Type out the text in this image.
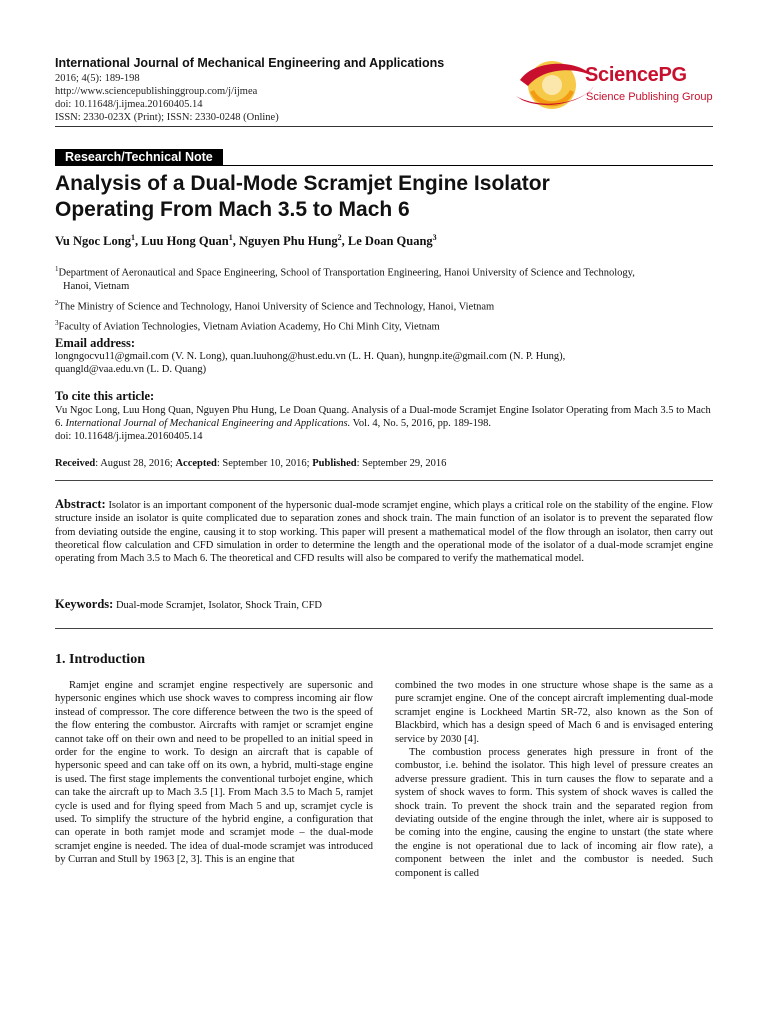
International Journal of Mechanical Engineering and Applications
2016; 4(5): 189-198
http://www.sciencepublishinggroup.com/j/ijmea
doi: 10.11648/j.ijmea.20160405.14
ISSN: 2330-023X (Print); ISSN: 2330-0248 (Online)
SciencePG
Science Publishing Group
Research/Technical Note
Analysis of a Dual-Mode Scramjet Engine Isolator
Operating From Mach 3.5 to Mach 6
Vu Ngoc Long$^1$, Luu Hong Quan$^1$, Nguyen Phu Hung$^2$, Le Doan Quang$^3$
$^1$Department of Aeronautical and Space Engineering, School of Transportation Engineering, Hanoi University of Science and Technology,
Hanoi, Vietnam
$^2$The Ministry of Science and Technology, Hanoi University of Science and Technology, Hanoi, Vietnam
$^3$Faculty of Aviation Technologies, Vietnam Aviation Academy, Ho Chi Minh City, Vietnam
Email address:
longngocvu11@gmail.com (V. N. Long), quan.luuhong@hust.edu.vn (L. H. Quan), hungnp.ite@gmail.com (N. P. Hung),
quangld@vaa.edu.vn (L. D. Quang)
To cite this article:
Vu Ngoc Long, Luu Hong Quan, Nguyen Phu Hung, Le Doan Quang. Analysis of a Dual-mode Scramjet Engine Isolator Operating from Mach 3.5 to Mach 6. International Journal of Mechanical Engineering and Applications. Vol. 4, No. 5, 2016, pp. 189-198.
doi: 10.11648/j.ijmea.20160405.14
Received: August 28, 2016; Accepted: September 10, 2016; Published: September 29, 2016
Abstract: Isolator is an important component of the hypersonic dual-mode scramjet engine, which plays a critical role on the stability of the engine. Flow structure inside an isolator is quite complicated due to separation zones and shock train. The main function of an isolator is to prevent the separated flow from deviating outside the engine, causing it to stop working. This paper will present a mathematical model of the flow through an isolator, then carry out theoretical flow calculation and CFD simulation in order to determine the length and the operational mode of the isolator of a dual-mode scramjet engine operating from Mach 3.5 to Mach 6. The theoretical and CFD results will also be compared to verify the mathematical model.
Keywords: Dual-mode Scramjet, Isolator, Shock Train, CFD
1. Introduction

Ramjet engine and scramjet engine respectively are supersonic and hypersonic engines which use shock waves to compress incoming air flow instead of compressor. The core difference between the two is the speed of the flow entering the combustor. Aircrafts with ramjet or scramjet engine cannot take off on their own and need to be propelled to an initial speed in order for the engine to work. To design an aircraft that is capable of hypersonic speed and can take off on its own, a hybrid, multi-stage engine is used. The first stage implements the conventional turbojet engine, which can take the aircraft up to Mach 3.5 [1]. From Mach 3.5 to Mach 5, ramjet cycle is used and for flying speed from Mach 5 and up, scramjet cycle is used. To simplify the structure of the hybrid engine, a configuration that can operate in both ramjet mode and scramjet mode – the dual-mode scramjet engine is needed. The idea of dual-mode scramjet was introduced by Curran and Stull by 1963 [2, 3]. This is an engine that

combined the two modes in one structure whose shape is the same as a pure scramjet engine. One of the concept aircraft implementing dual-mode scramjet engine is Lockheed Martin SR-72, also known as the Son of Blackbird, which has a design speed of Mach 6 and is envisaged entering service by 2030 [4].

The combustion process generates high pressure in front of the combustor, i.e. behind the isolator. This high level of pressure creates an adverse pressure gradient. This in turn causes the flow to separate and a system of shock waves to form. This system of shock waves is called the shock train. To prevent the shock train and the separated region from deviating outside of the engine through the inlet, where air is supposed to be coming into the engine, causing the engine to unstart (the state where the engine is not operational due to lack of incoming air flow rate), a component between the inlet and the combustor is needed. Such component is called
